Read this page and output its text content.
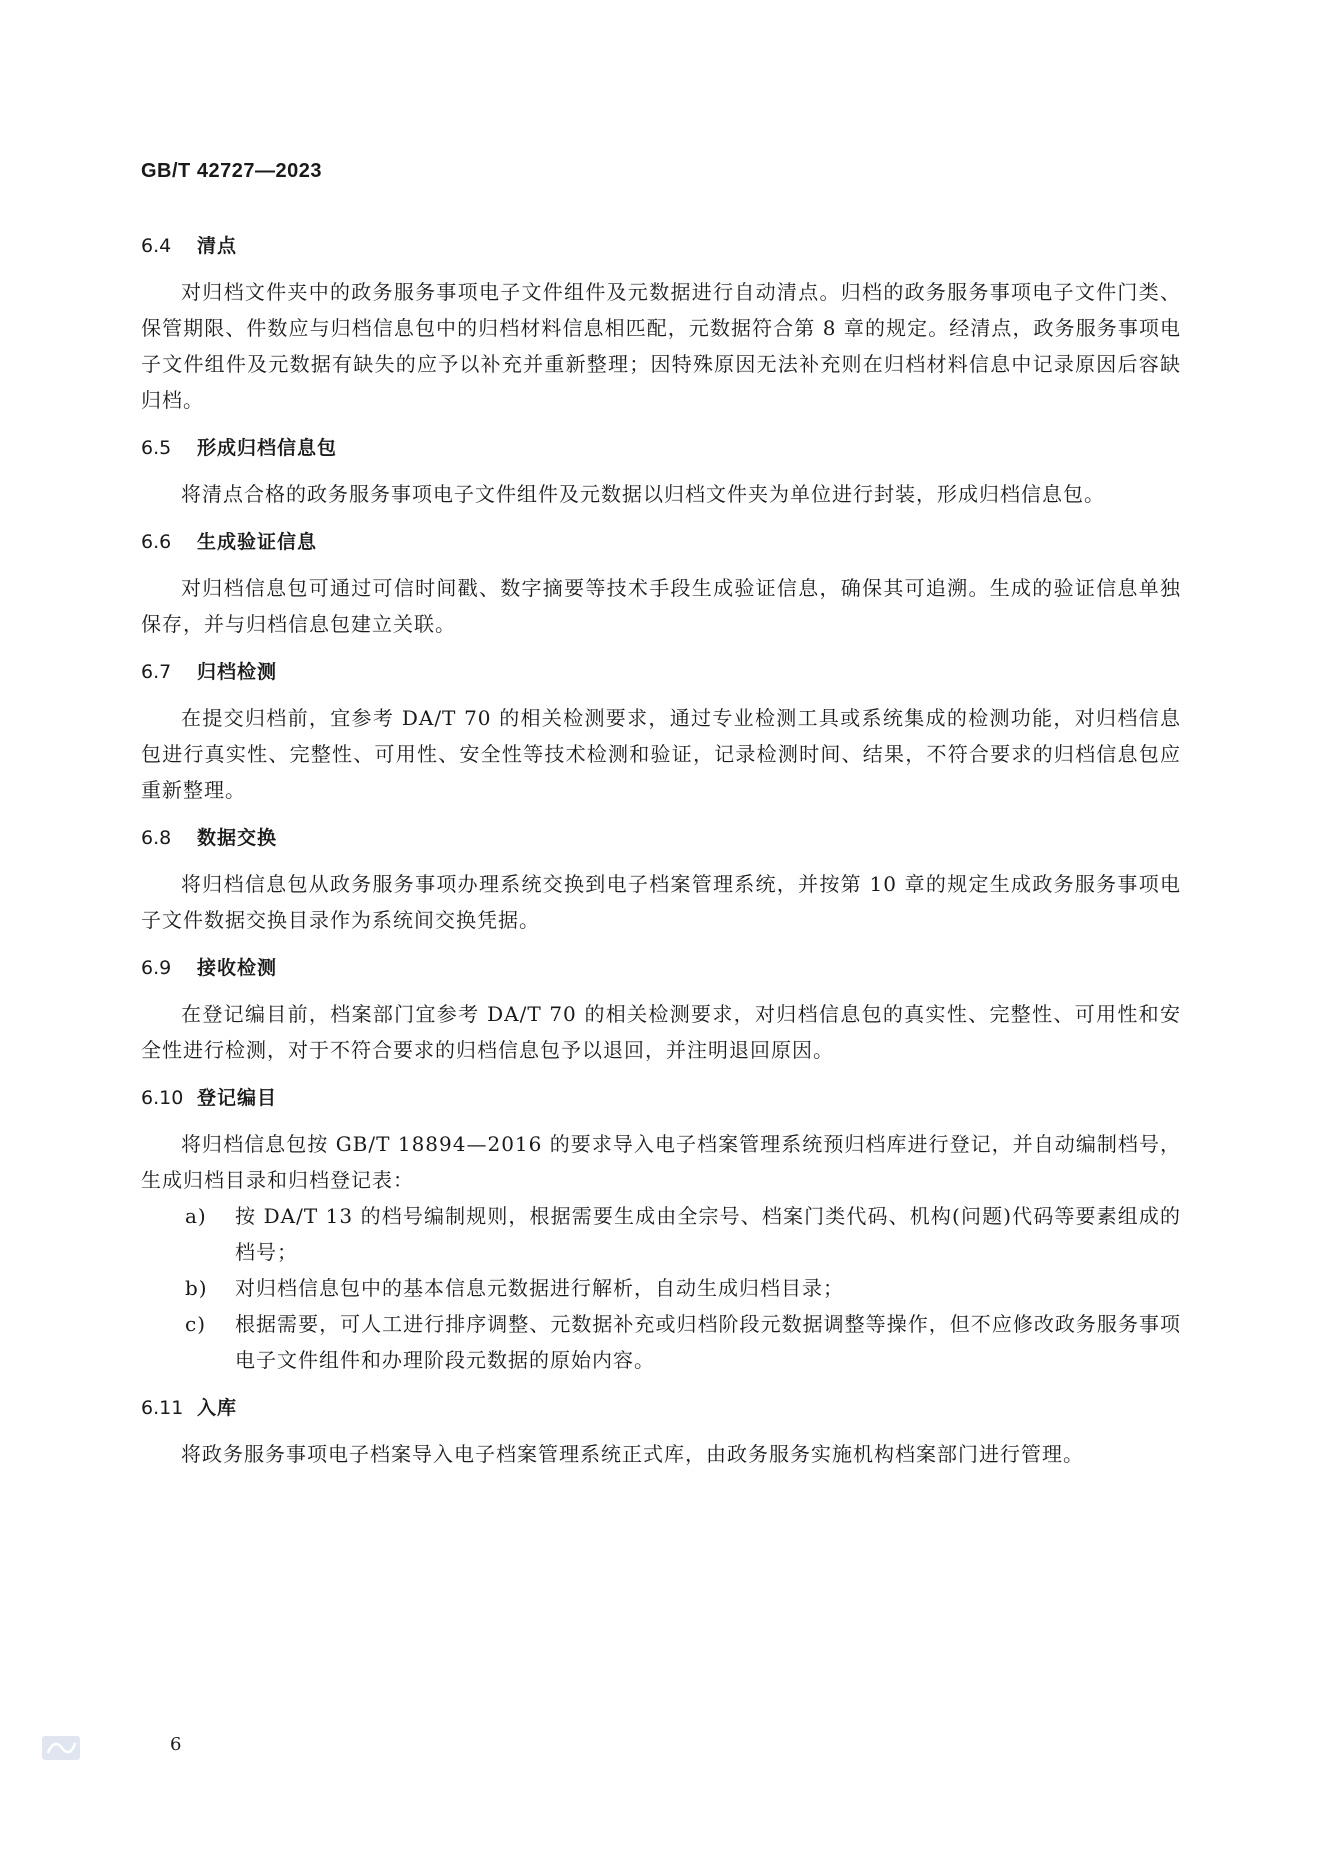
GB/T 42727—2023
6.4 清点

对归档文件夹中的政务服务事项电子文件组件及元数据进行自动清点。归档的政务服务事项电子文件门类、保管期限、件数应与归档信息包中的归档材料信息相匹配，元数据符合第 8 章的规定。经清点，政务服务事项电子文件组件及元数据有缺失的应予以补充并重新整理；因特殊原因无法补充则在归档材料信息中记录原因后容缺归档。

6.5 形成归档信息包

将清点合格的政务服务事项电子文件组件及元数据以归档文件夹为单位进行封装，形成归档信息包。

6.6 生成验证信息

对归档信息包可通过可信时间戳、数字摘要等技术手段生成验证信息，确保其可追溯。生成的验证信息单独保存，并与归档信息包建立关联。

6.7 归档检测

在提交归档前，宜参考 DA/T 70 的相关检测要求，通过专业检测工具或系统集成的检测功能，对归档信息包进行真实性、完整性、可用性、安全性等技术检测和验证，记录检测时间、结果，不符合要求的归档信息包应重新整理。

6.8 数据交换

将归档信息包从政务服务事项办理系统交换到电子档案管理系统，并按第 10 章的规定生成政务服务事项电子文件数据交换目录作为系统间交换凭据。

6.9 接收检测

在登记编目前，档案部门宜参考 DA/T 70 的相关检测要求，对归档信息包的真实性、完整性、可用性和安全性进行检测，对于不符合要求的归档信息包予以退回，并注明退回原因。

6.10 登记编目

将归档信息包按 GB/T 18894—2016 的要求导入电子档案管理系统预归档库进行登记，并自动编制档号，生成归档目录和归档登记表：

a) 按 DA/T 13 的档号编制规则，根据需要生成由全宗号、档案门类代码、机构(问题)代码等要素组成的档号；
b) 对归档信息包中的基本信息元数据进行解析，自动生成归档目录；
c) 根据需要，可人工进行排序调整、元数据补充或归档阶段元数据调整等操作，但不应修改政务服务事项电子文件组件和办理阶段元数据的原始内容。
6.11 入库

将政务服务事项电子档案导入电子档案管理系统正式库，由政务服务实施机构档案部门进行管理。

6
